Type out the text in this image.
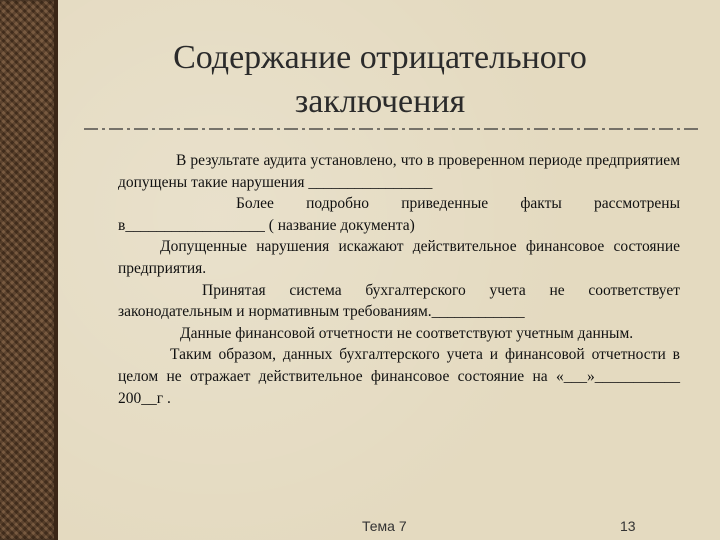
Содержание отрицательного
заключения

В результате аудита установлено, что в проверенном периоде предприятием допущены такие нарушения ________________

Более подробно приведенные факты рассмотрены в__________________ ( название документа)

Допущенные нарушения искажают действительное финансовое состояние предприятия.

Принятая система бухгалтерского учета не соответствует законодательным и нормативным требованиям.____________

Данные финансовой отчетности не соответствуют учетным данным.

Таким образом, данных бухгалтерского учета и финансовой отчетности в целом не отражает действительное финансовое состояние на «___»___________ 200__г .

Тема 7	13
